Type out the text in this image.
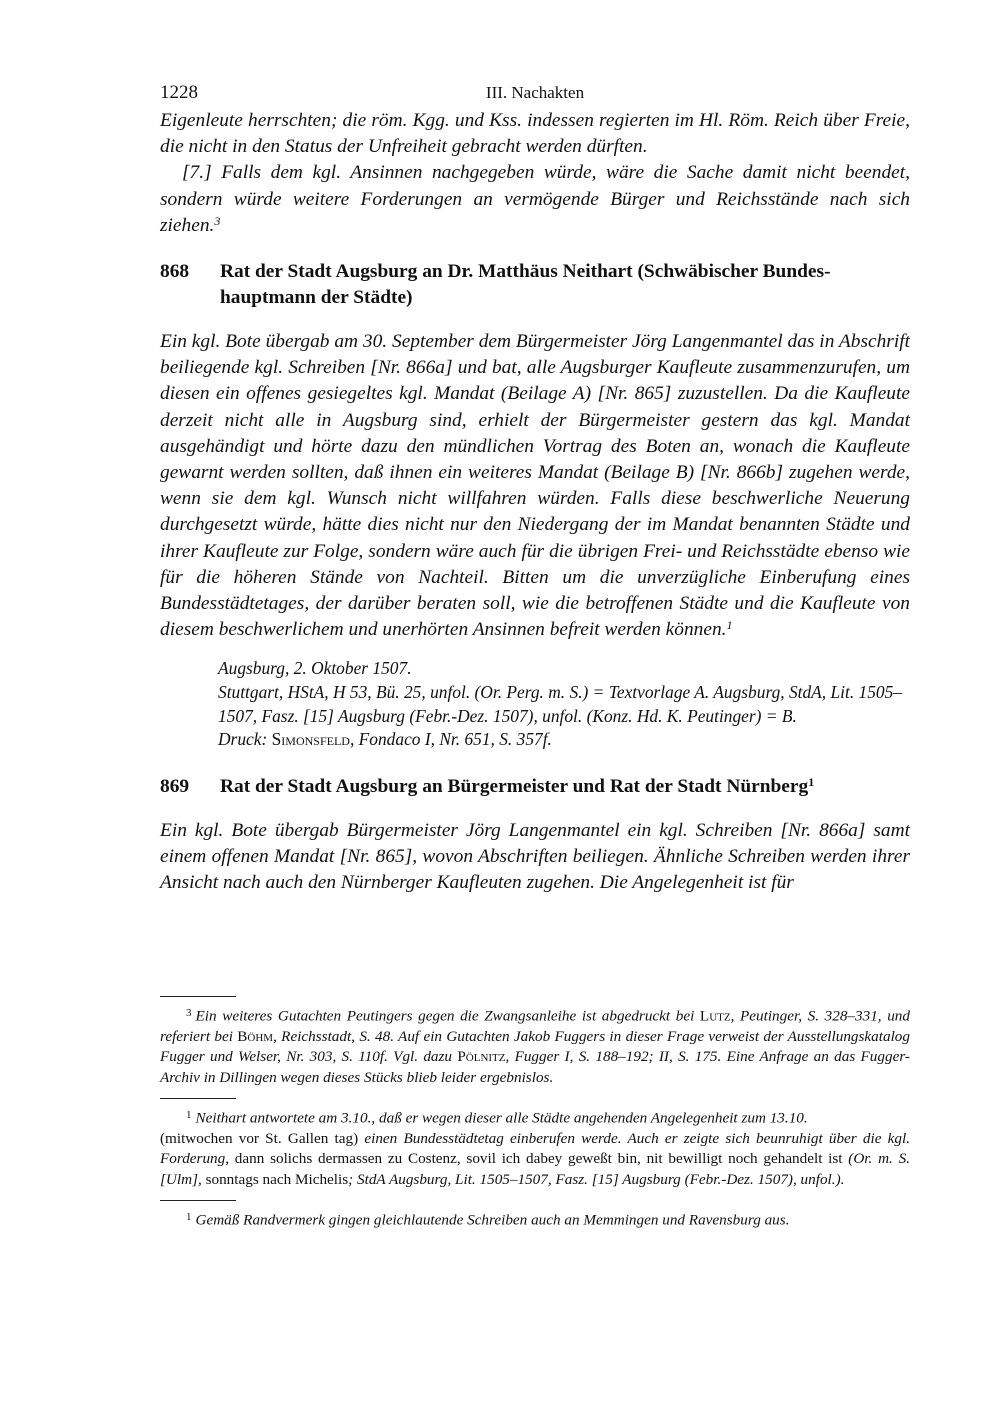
1228	III. Nachakten

Eigenleute herrschten; die röm. Kgg. und Kss. indessen regierten im Hl. Röm. Reich über Freie, die nicht in den Status der Unfreiheit gebracht werden dürften.

[7.] Falls dem kgl. Ansinnen nachgegeben würde, wäre die Sache damit nicht beendet, sondern würde weitere Forderungen an vermögende Bürger und Reichsstände nach sich ziehen.$^3$

868	Rat der Stadt Augsburg an Dr. Matthäus Neithart (Schwäbischer Bundeshauptmann der Städte)

Ein kgl. Bote übergab am 30. September dem Bürgermeister Jörg Langenmantel das in Abschrift beiliegende kgl. Schreiben [Nr. 866a] und bat, alle Augsburger Kaufleute zusammenzurufen, um diesen ein offenes gesiegeltes kgl. Mandat (Beilage A) [Nr. 865] zuzustellen. Da die Kaufleute derzeit nicht alle in Augsburg sind, erhielt der Bürgermeister gestern das kgl. Mandat ausgehändigt und hörte dazu den mündlichen Vortrag des Boten an, wonach die Kaufleute gewarnt werden sollten, daß ihnen ein weiteres Mandat (Beilage B) [Nr. 866b] zugehen werde, wenn sie dem kgl. Wunsch nicht willfahren würden. Falls diese beschwerliche Neuerung durchgesetzt würde, hätte dies nicht nur den Niedergang der im Mandat benannten Städte und ihrer Kaufleute zur Folge, sondern wäre auch für die übrigen Frei- und Reichsstädte ebenso wie für die höheren Stände von Nachteil. Bitten um die unverzügliche Einberufung eines Bundesstädtetages, der darüber beraten soll, wie die betroffenen Städte und die Kaufleute von diesem beschwerlichem und unerhörten Ansinnen befreit werden können.$^1$

Augsburg, 2. Oktober 1507.
Stuttgart, HStA, H 53, Bü. 25, unfol. (Or. Perg. m. S.) = Textvorlage A. Augsburg, StdA, Lit. 1505–1507, Fasz. [15] Augsburg (Febr.-Dez. 1507), unfol. (Konz. Hd. K. Peutinger) = B.
Druck: Simonsfeld, Fondaco I, Nr. 651, S. 357f.
869	Rat der Stadt Augsburg an Bürgermeister und Rat der Stadt Nürnberg$^1$

Ein kgl. Bote übergab Bürgermeister Jörg Langenmantel ein kgl. Schreiben [Nr. 866a] samt einem offenen Mandat [Nr. 865], wovon Abschriften beiliegen. Ähnliche Schreiben werden ihrer Ansicht nach auch den Nürnberger Kaufleuten zugehen. Die Angelegenheit ist für

$^3$ Ein weiteres Gutachten Peutingers gegen die Zwangsanleihe ist abgedruckt bei Lutz, Peutinger, S. 328–331, und referiert bei Böhm, Reichsstadt, S. 48. Auf ein Gutachten Jakob Fuggers in dieser Frage verweist der Ausstellungskatalog Fugger und Welser, Nr. 303, S. 110f. Vgl. dazu Pölnitz, Fugger I, S. 188–192; II, S. 175. Eine Anfrage an das Fugger-Archiv in Dillingen wegen dieses Stücks blieb leider ergebnislos.

$^1$ Neithart antwortete am 3.10., daß er wegen dieser alle Städte angehenden Angelegenheit zum 13.10.
(mitwochen vor St. Gallen tag) einen Bundesstädtetag einberufen werde. Auch er zeigte sich beunruhigt über die kgl. Forderung, dann solichs dermassen zu Costenz, sovil ich dabey geweßt bin, nit bewilligt noch gehandelt ist (Or. m. S. [Ulm], sonntags nach Michelis; StdA Augsburg, Lit. 1505–1507, Fasz. [15] Augsburg (Febr.-Dez. 1507), unfol.).

$^1$ Gemäß Randvermerk gingen gleichlautende Schreiben auch an Memmingen und Ravensburg aus.
